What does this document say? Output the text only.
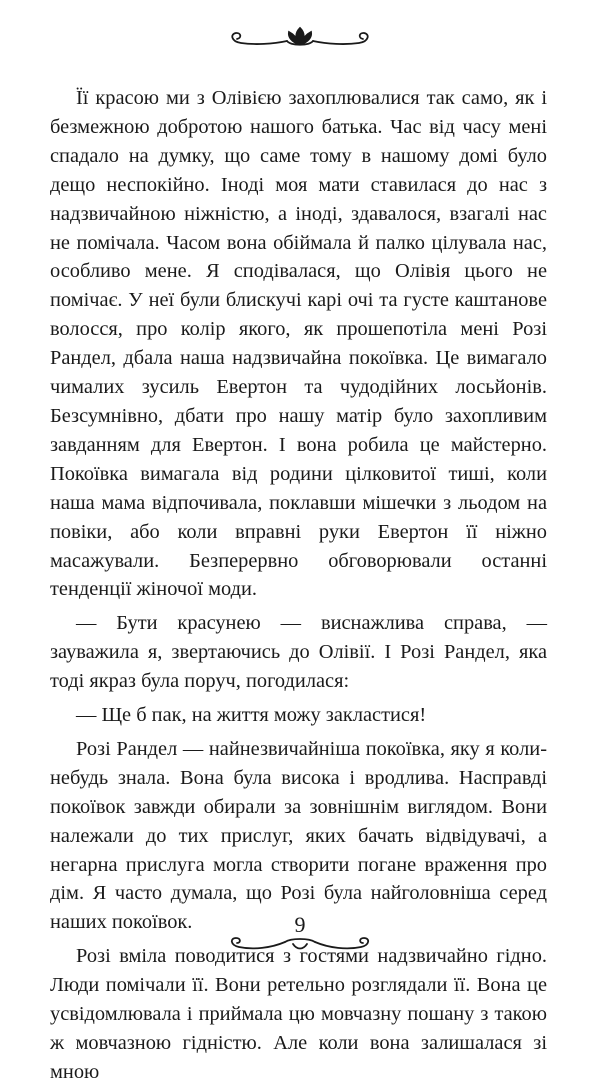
Її красою ми з Олівією захоплювалися так само, як і безмежною добротою нашого батька. Час від часу мені спадало на думку, що саме тому в нашому домі було дещо неспокійно. Іноді моя мати ставилася до нас з надзвичайною ніжністю, а іноді, здавалося, взагалі нас не помічала. Часом вона обіймала й палко цілувала нас, особливо мене. Я сподівалася, що Олівія цього не помічає. У неї були блискучі карі очі та густе каштанове волосся, про колір якого, як прошепотіла мені Розі Рандел, дбала наша надзвичайна покоївка. Це вимагало чималих зусиль Евертон та чудодійних лосьйонів. Безсумнівно, дбати про нашу матір було захопливим завданням для Евертон. І вона робила це майстерно. Покоївка вимагала від родини цілковитої тиші, коли наша мама відпочивала, поклавши мішечки з льодом на повіки, або коли вправні руки Евертон її ніжно масажували. Безперервно обговорювали останні тенденції жіночої моди.

— Бути красунею — виснажлива справа, — зауважила я, звертаючись до Олівії. І Розі Рандел, яка тоді якраз була поруч, погодилася:

— Ще б пак, на життя можу закластися!

Розі Рандел — найнезвичайніша покоївка, яку я коли-небудь знала. Вона була висока і вродлива. Насправді покоївок завжди обирали за зовнішнім виглядом. Вони належали до тих прислуг, яких бачать відвідувачі, а негарна прислуга могла створити погане враження про дім. Я часто думала, що Розі була найголовніша серед наших покоївок.

Розі вміла поводитися з гостями надзвичайно гідно. Люди помічали її. Вони ретельно розглядали її. Вона це усвідомлювала і приймала цю мовчазну пошану з такою ж мовчазною гідністю. Але коли вона залишалася зі мною

9
